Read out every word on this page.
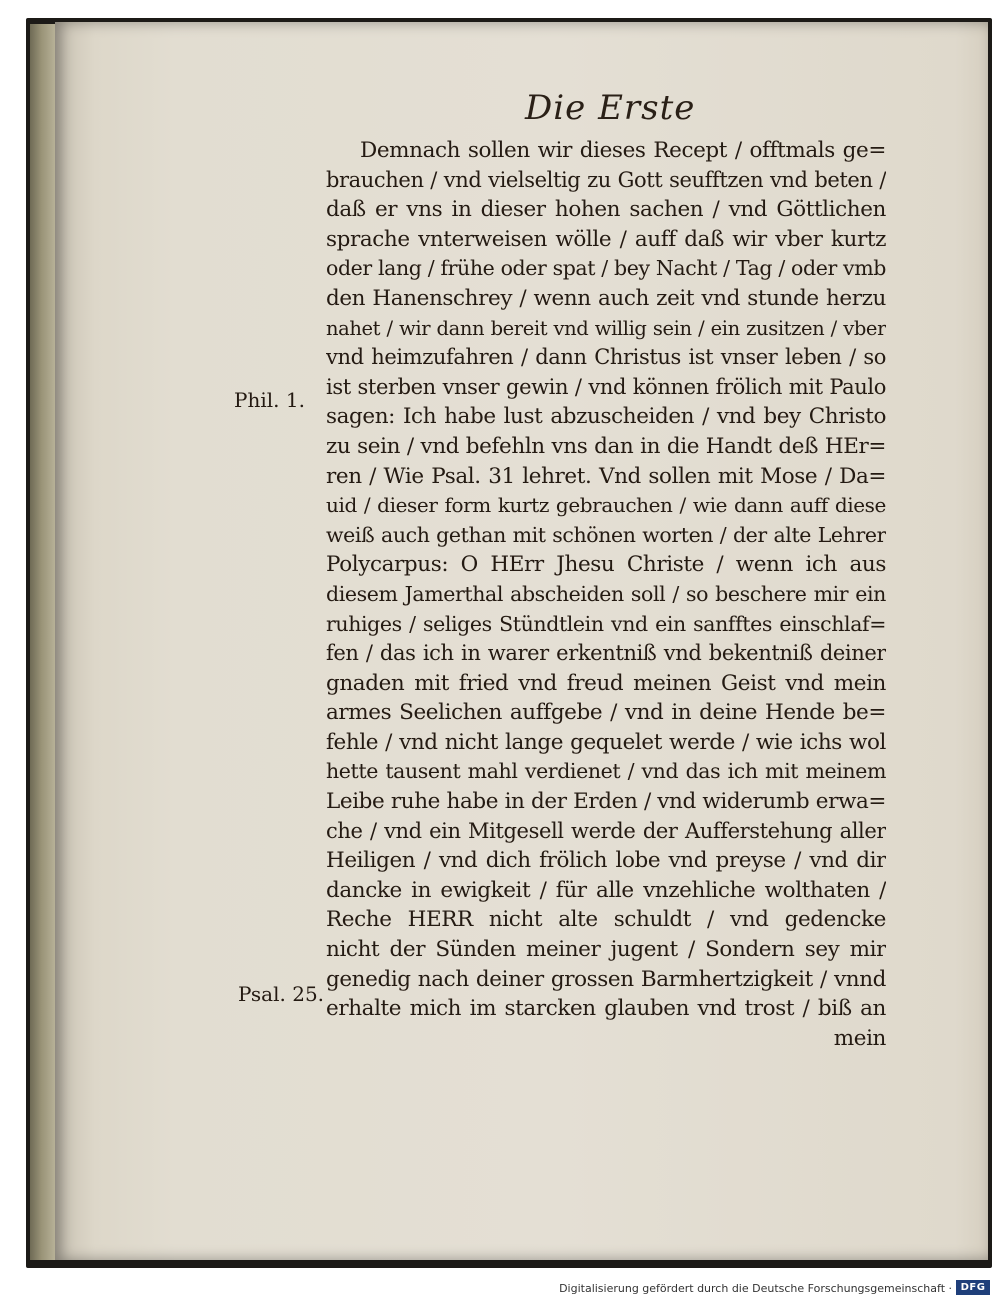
Die Erste
Demnach sollen wir dieses Recept / offtmals ge=
brauchen / vnd vielseltig zu Gott seufftzen vnd beten /
daß er vns in dieser hohen sachen / vnd Göttlichen
sprache vnterweisen wölle / auff daß wir vber kurtz
oder lang / frühe oder spat / bey Nacht / Tag / oder vmb
den Hanenschrey / wenn auch zeit vnd stunde herzu
nahet / wir dann bereit vnd willig sein / ein zusitzen / vber
vnd heimzufahren / dann Christus ist vnser leben / so
ist sterben vnser gewin / vnd können frölich mit Paulo
sagen: Ich habe lust abzuscheiden / vnd bey Christo
zu sein / vnd befehln vns dan in die Handt deß HEr=
ren / Wie Psal. 31 lehret. Vnd sollen mit Mose / Da=
uid / dieser form kurtz gebrauchen / wie dann auff diese
weiß auch gethan mit schönen worten / der alte Lehrer
Polycarpus: O HErr Jhesu Christe / wenn ich aus
diesem Jamerthal abscheiden soll / so beschere mir ein
ruhiges / seliges Stündtlein vnd ein sanfftes einschlaf=
fen / das ich in warer erkentniß vnd bekentniß deiner
gnaden mit fried vnd freud meinen Geist vnd mein
armes Seelichen auffgebe / vnd in deine Hende be=
fehle / vnd nicht lange gequelet werde / wie ichs wol
hette tausent mahl verdienet / vnd das ich mit meinem
Leibe ruhe habe in der Erden / vnd widerumb erwa=
che / vnd ein Mitgesell werde der Aufferstehung aller
Heiligen / vnd dich frölich lobe vnd preyse / vnd dir
dancke in ewigkeit / für alle vnzehliche wolthaten /
Reche HERR nicht alte schuldt / vnd gedencke
nicht der Sünden meiner jugent / Sondern sey mir
genedig nach deiner grossen Barmhertzigkeit / vnnd
erhalte mich im starcken glauben vnd trost / biß an
mein
Phil. 1.
Psal. 25.
Digitalisierung gefördert durch die Deutsche Forschungsgemeinschaft · DFG
